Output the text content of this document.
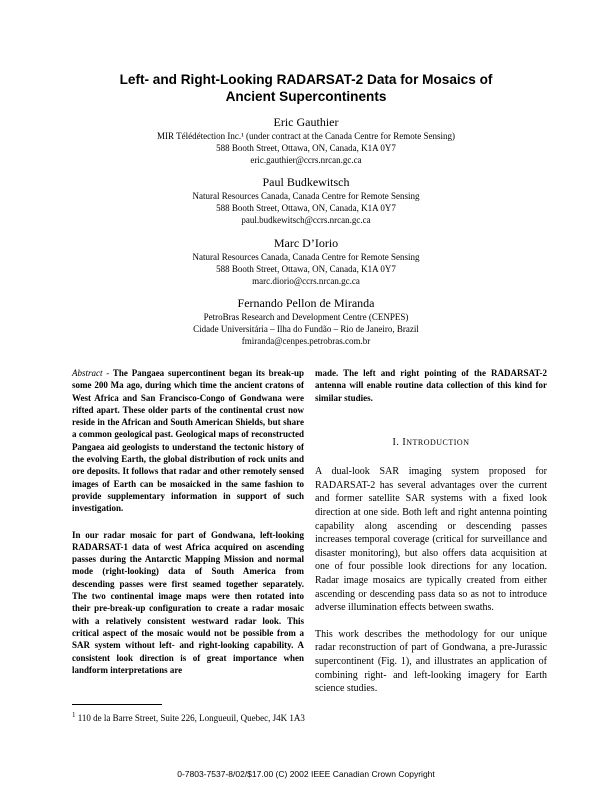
Left- and Right-Looking RADARSAT-2 Data for Mosaics of
Ancient Supercontinents
Eric Gauthier
MIR Télédétection Inc.¹ (under contract at the Canada Centre for Remote Sensing)
588 Booth Street, Ottawa, ON, Canada, K1A 0Y7
eric.gauthier@ccrs.nrcan.gc.ca
Paul Budkewitsch
Natural Resources Canada, Canada Centre for Remote Sensing
588 Booth Street, Ottawa, ON, Canada, K1A 0Y7
paul.budkewitsch@ccrs.nrcan.gc.ca
Marc D’Iorio
Natural Resources Canada, Canada Centre for Remote Sensing
588 Booth Street, Ottawa, ON, Canada, K1A 0Y7
marc.diorio@ccrs.nrcan.gc.ca
Fernando Pellon de Miranda
PetroBras Research and Development Centre (CENPES)
Cidade Universitária – Ilha do Fundão – Rio de Janeiro, Brazil
fmiranda@cenpes.petrobras.com.br

Abstract - The Pangaea supercontinent began its break-up some 200 Ma ago, during which time the ancient cratons of West Africa and San Francisco-Congo of Gondwana were rifted apart. These older parts of the continental crust now reside in the African and South American Shields, but share a common geological past. Geological maps of reconstructed Pangaea aid geologists to understand the tectonic history of the evolving Earth, the global distribution of rock units and ore deposits. It follows that radar and other remotely sensed images of Earth can be mosaicked in the same fashion to provide supplementary information in support of such investigation.

In our radar mosaic for part of Gondwana, left-looking RADARSAT-1 data of west Africa acquired on ascending passes during the Antarctic Mapping Mission and normal mode (right-looking) data of South America from descending passes were first seamed together separately. The two continental image maps were then rotated into their pre-break-up configuration to create a radar mosaic with a relatively consistent westward radar look. This critical aspect of the mosaic would not be possible from a SAR system without left- and right-looking capability. A consistent look direction is of great importance when landform interpretations are

made. The left and right pointing of the RADARSAT-2 antenna will enable routine data collection of this kind for similar studies.

I. INTRODUCTION

A dual-look SAR imaging system proposed for RADARSAT-2 has several advantages over the current and former satellite SAR systems with a fixed look direction at one side. Both left and right antenna pointing capability along ascending or descending passes increases temporal coverage (critical for surveillance and disaster monitoring), but also offers data acquisition at one of four possible look directions for any location. Radar image mosaics are typically created from either ascending or descending pass data so as not to introduce adverse illumination effects between swaths.

This work describes the methodology for our unique radar reconstruction of part of Gondwana, a pre-Jurassic supercontinent (Fig. 1), and illustrates an application of combining right- and left-looking imagery for Earth science studies.

$^1$ 110 de la Barre Street, Suite 226, Longueuil, Quebec, J4K 1A3
0-7803-7537-8/02/$17.00 (C) 2002 IEEE Canadian Crown Copyright
